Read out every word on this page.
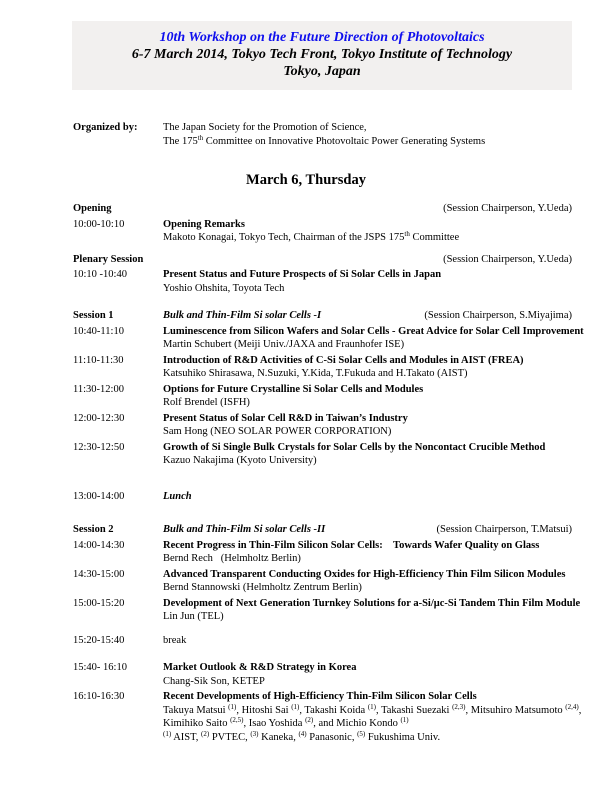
10th Workshop on the Future Direction of Photovoltaics
6-7 March 2014, Tokyo Tech Front, Tokyo Institute of Technology
Tokyo, Japan
Organized by:	The Japan Society for the Promotion of Science,
The 175th Committee on Innovative Photovoltaic Power Generating Systems
March 6, Thursday
Opening	(Session Chairperson, Y.Ueda)
10:00-10:10	Opening Remarks
Makoto Konagai, Tokyo Tech, Chairman of the JSPS 175th Committee
Plenary Session	(Session Chairperson, Y.Ueda)
10:10 -10:40	Present Status and Future Prospects of Si Solar Cells in Japan
Yoshio Ohshita, Toyota Tech
Session 1	Bulk and Thin-Film Si solar Cells -I	(Session Chairperson, S.Miyajima)
10:40-11:10	Luminescence from Silicon Wafers and Solar Cells - Great Advice for Solar Cell Improvement
Martin Schubert (Meiji Univ./JAXA and Fraunhofer ISE)
11:10-11:30	Introduction of R&D Activities of C-Si Solar Cells and Modules in AIST (FREA)
Katsuhiko Shirasawa, N.Suzuki, Y.Kida, T.Fukuda and H.Takato (AIST)
11:30-12:00	Options for Future Crystalline Si Solar Cells and Modules
Rolf Brendel (ISFH)
12:00-12:30	Present Status of Solar Cell R&D in Taiwan’s Industry
Sam Hong (NEO SOLAR POWER CORPORATION)
12:30-12:50	Growth of Si Single Bulk Crystals for Solar Cells by the Noncontact Crucible Method
Kazuo Nakajima (Kyoto University)
13:00-14:00	Lunch
Session 2	Bulk and Thin-Film Si solar Cells -II	(Session Chairperson, T.Matsui)
14:00-14:30	Recent Progress in Thin-Film Silicon Solar Cells:    Towards Wafer Quality on Glass
Bernd Rech   (Helmholtz Berlin)
14:30-15:00	Advanced Transparent Conducting Oxides for High-Efficiency Thin Film Silicon Modules
Bernd Stannowski (Helmholtz Zentrum Berlin)
15:00-15:20	Development of Next Generation Turnkey Solutions for a-Si/μc-Si Tandem Thin Film Module
Lin Jun (TEL)
15:20-15:40	break
15:40- 16:10	Market Outlook & R&D Strategy in Korea
Chang-Sik Son, KETEP
16:10-16:30	Recent Developments of High-Efficiency Thin-Film Silicon Solar Cells
Takuya Matsui $^{(1)}$, Hitoshi Sai $^{(1)}$, Takashi Koida $^{(1)}$, Takashi Suezaki $^{(2,3)}$, Mitsuhiro Matsumoto $^{(2,4)}$,
Kimihiko Saito $^{(2,5)}$, Isao Yoshida $^{(2)}$, and Michio Kondo $^{(1)}$
$^{(1)}$ AIST, $^{(2)}$ PVTEC, $^{(3)}$ Kaneka, $^{(4)}$ Panasonic, $^{(5)}$ Fukushima Univ.
